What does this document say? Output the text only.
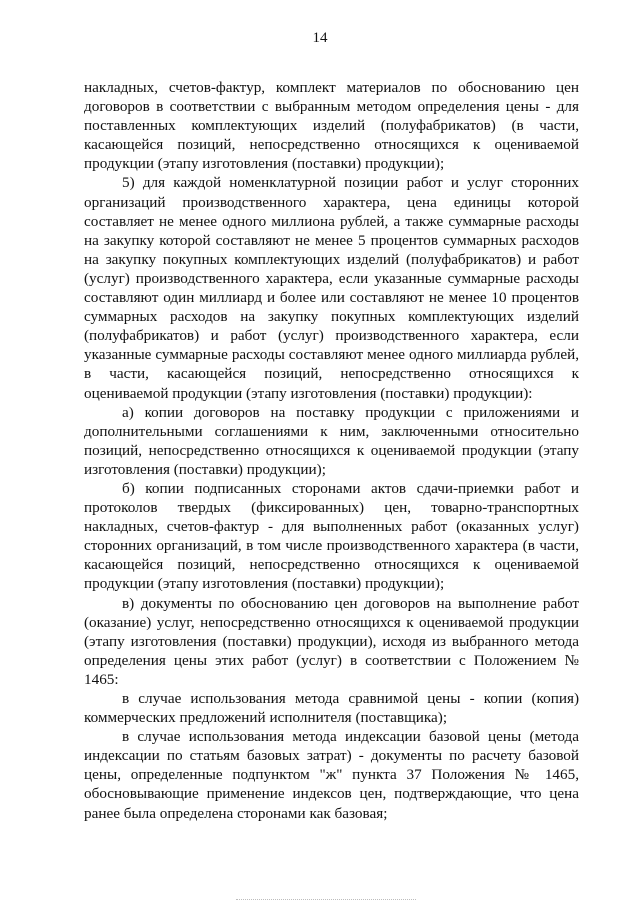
14

накладных, счетов-фактур, комплект материалов по обоснованию цен договоров в соответствии с выбранным методом определения цены - для поставленных комплектующих изделий (полуфабрикатов) (в части, касающейся позиций, непосредственно относящихся к оцениваемой продукции (этапу изготовления (поставки) продукции);

5) для каждой номенклатурной позиции работ и услуг сторонних организаций производственного характера, цена единицы которой составляет не менее одного миллиона рублей, а также суммарные расходы на закупку которой составляют не менее 5 процентов суммарных расходов на закупку покупных комплектующих изделий (полуфабрикатов) и работ (услуг) производственного характера, если указанные суммарные расходы составляют один миллиард и более или составляют не менее 10 процентов суммарных расходов на закупку покупных комплектующих изделий (полуфабрикатов) и работ (услуг) производственного характера, если указанные суммарные расходы составляют менее одного миллиарда рублей, в части, касающейся позиций, непосредственно относящихся к оцениваемой продукции (этапу изготовления (поставки) продукции):

а) копии договоров на поставку продукции с приложениями и дополнительными соглашениями к ним, заключенными относительно позиций, непосредственно относящихся к оцениваемой продукции (этапу изготовления (поставки) продукции);

б) копии подписанных сторонами актов сдачи-приемки работ и протоколов твердых (фиксированных) цен, товарно-транспортных накладных, счетов-фактур - для выполненных работ (оказанных услуг) сторонних организаций, в том числе производственного характера (в части, касающейся позиций, непосредственно относящихся к оцениваемой продукции (этапу изготовления (поставки) продукции);

в) документы по обоснованию цен договоров на выполнение работ (оказание) услуг, непосредственно относящихся к оцениваемой продукции (этапу изготовления (поставки) продукции), исходя из выбранного метода определения цены этих работ (услуг) в соответствии с Положением № 1465:

в случае использования метода сравнимой цены - копии (копия) коммерческих предложений исполнителя (поставщика);

в случае использования метода индексации базовой цены (метода индексации по статьям базовых затрат) - документы по расчету базовой цены, определенные подпунктом "ж" пункта 37 Положения № 1465, обосновывающие применение индексов цен, подтверждающие, что цена ранее была определена сторонами как базовая;
